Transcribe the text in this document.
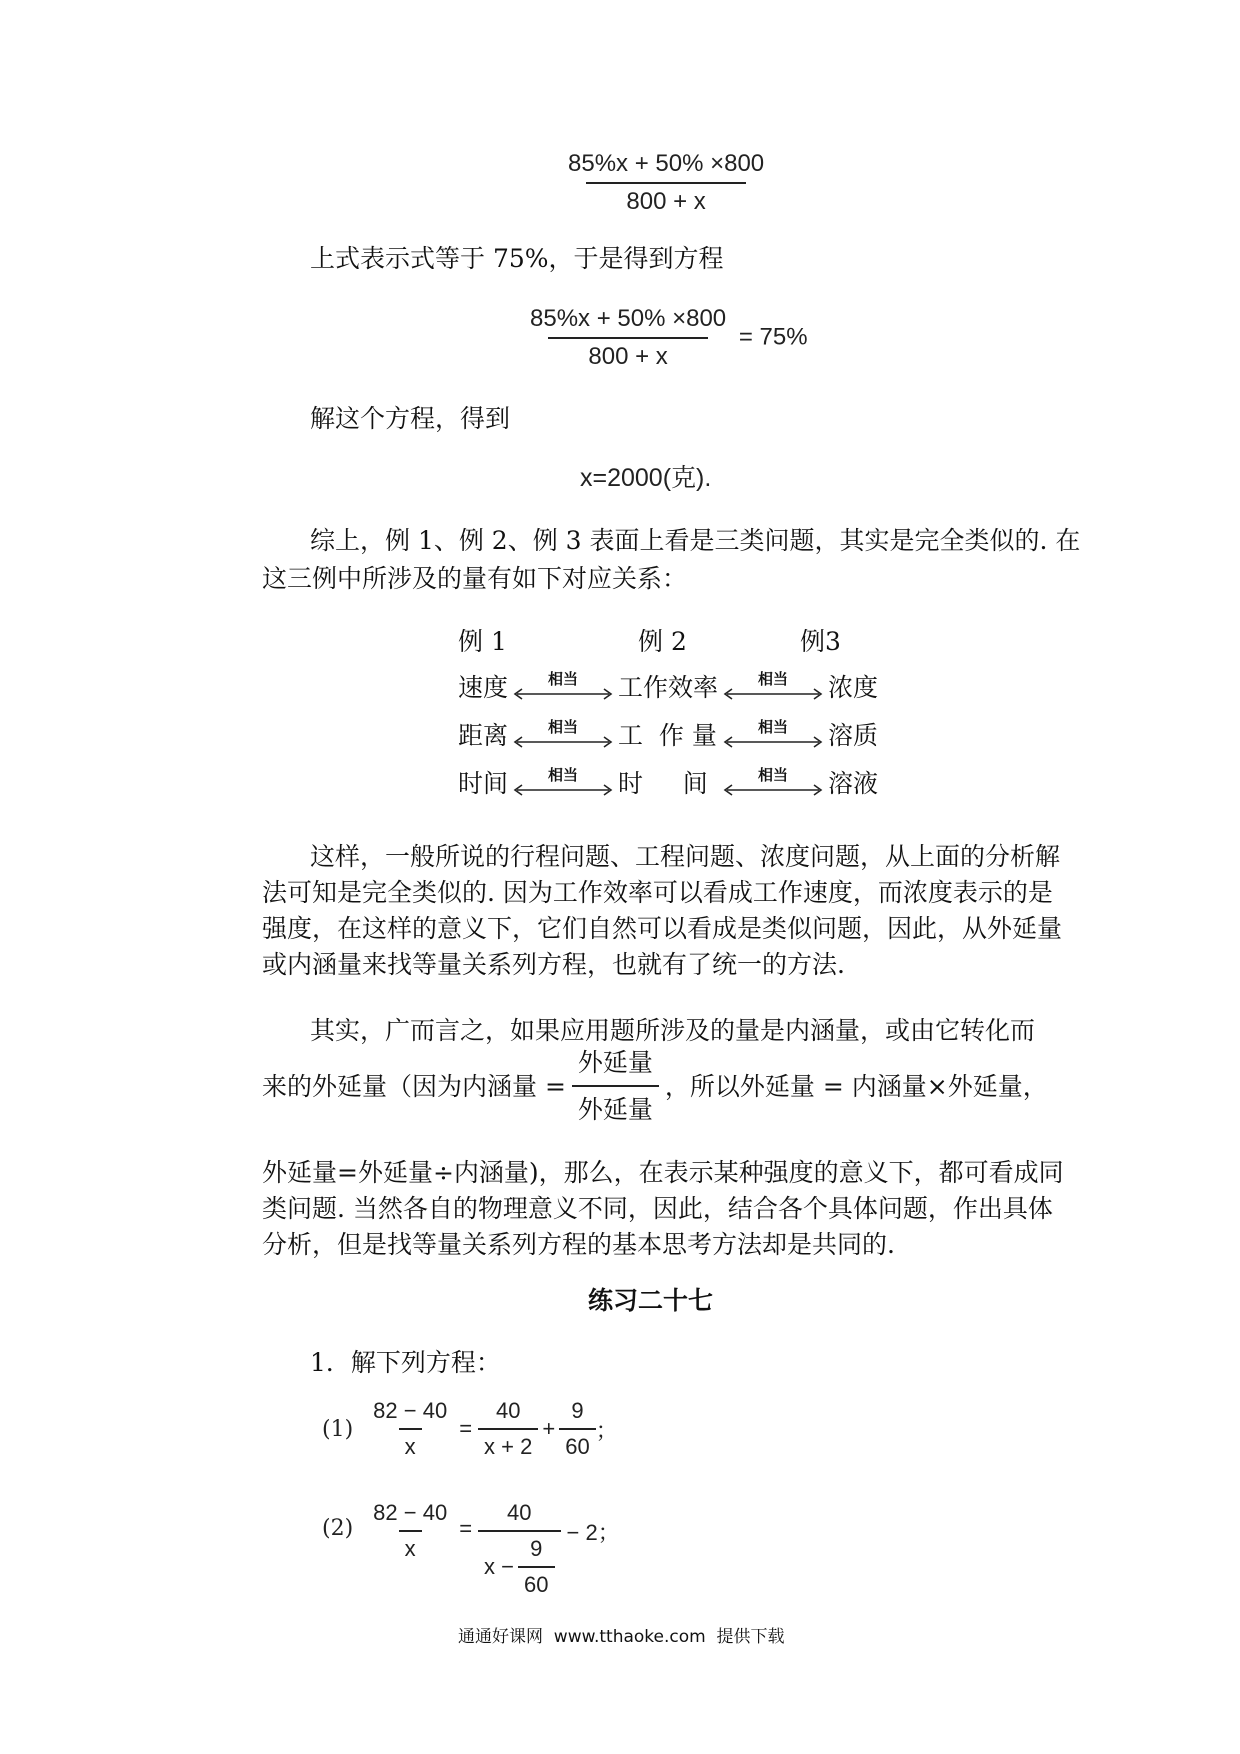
$\frac{85\%x + 50\% \times 800}{800 + x}$
上式表示式等于 75%，于是得到方程
$\frac{85\%x + 50\% \times 800}{800 + x} = 75\%$
解这个方程，得到
x=2000(克).
综上，例 1、例 2、例 3 表面上看是三类问题，其实是完全类似的. 在
这三例中所涉及的量有如下对应关系：
例 1	例 2	例3
速度	相当 工作效率	相当 浓度
距离	相当 工  作 量	相当 溶质
时间	相当 时     间	相当 溶液
这样，一般所说的行程问题、工程问题、浓度问题，从上面的分析解
法可知是完全类似的. 因为工作效率可以看成工作速度，而浓度表示的是
强度，在这样的意义下，它们自然可以看成是类似问题，因此，从外延量
或内涵量来找等量关系列方程，也就有了统一的方法.
其实，广而言之，如果应用题所涉及的量是内涵量，或由它转化而
来的外延量（因为内涵量 = $\frac{\text{外延量}}{\text{外延量}}$ ，所以外延量 = 内涵量×外延量，
外延量=外延量÷内涵量)，那么，在表示某种强度的意义下，都可看成同
类问题. 当然各自的物理意义不同，因此，结合各个具体问题，作出具体
分析，但是找等量关系列方程的基本思考方法却是共同的.
练习二十七
1．解下列方程：
$(1) \frac{82 - 40}{x} = \frac{40}{x + 2} + \frac{9}{60}$ ；
$(2) \frac{82 - 40}{x} = \frac{40}{x - \frac{9}{60}} - 2$；
通通好课网  www.tthaoke.com  提供下载
